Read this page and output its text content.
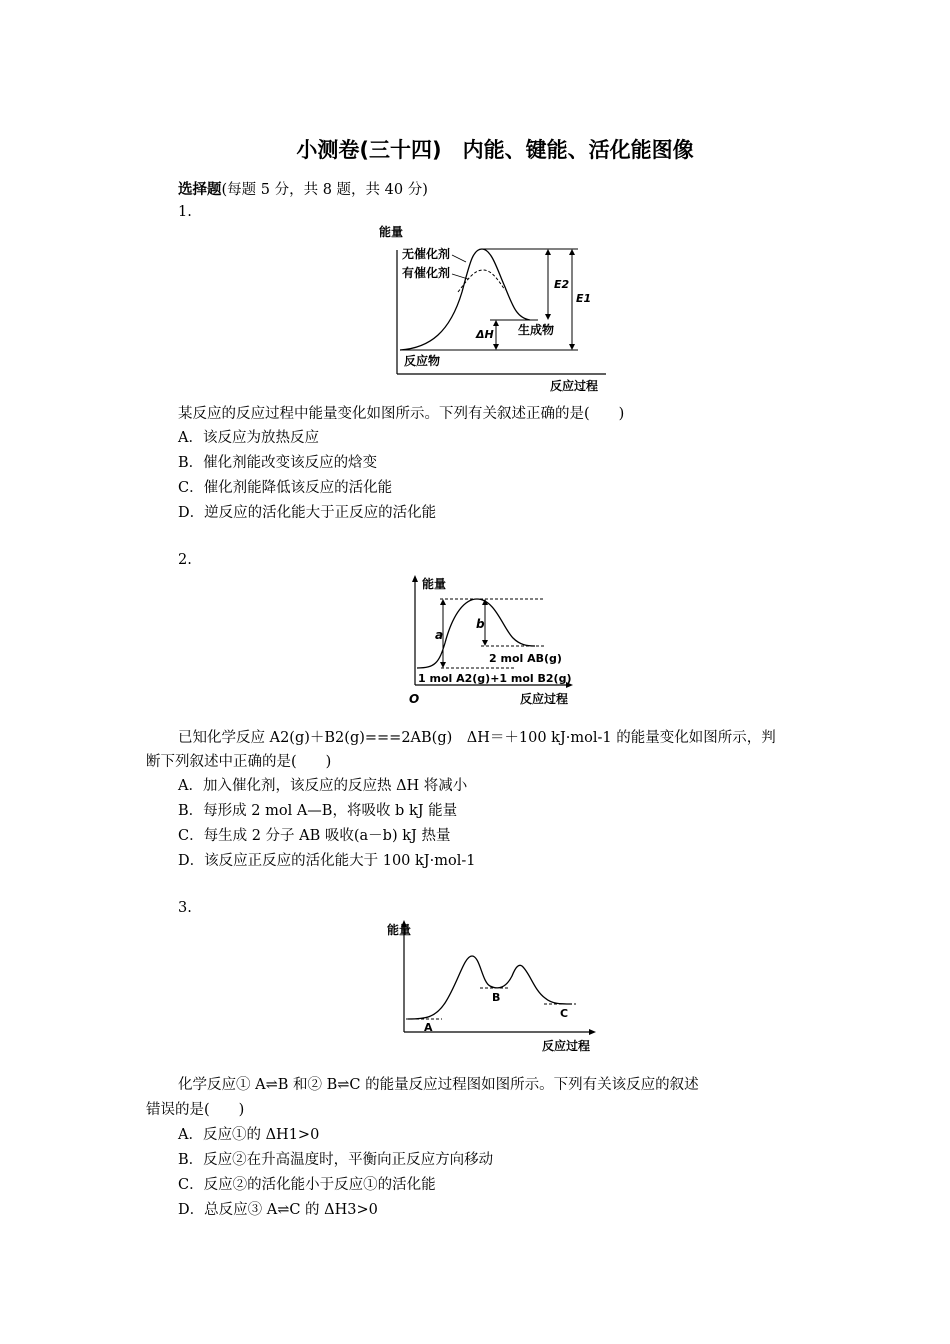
小测卷(三十四)　内能、键能、活化能图像
选择题(每题 5 分，共 8 题，共 40 分)
1.
能量
反应过程
无催化剂
有催化剂
E2
E1
ΔH 生成物
反应物
某反应的反应过程中能量变化如图所示。下列有关叙述正确的是(　　)
A．该反应为放热反应
B．催化剂能改变该反应的焓变
C．催化剂能降低该反应的活化能
D．逆反应的活化能大于正反应的活化能
2.
能量
O	反应过程
a
b
2 mol AB(g)
1 mol A2(g)+1 mol B2(g)
已知化学反应 A2(g)＋B2(g)===2AB(g)　ΔH＝＋100 kJ·mol-1 的能量变化如图所示，判
断下列叙述中正确的是(　　)
A．加入催化剂，该反应的反应热 ΔH 将减小
B．每形成 2 mol A—B，将吸收 b kJ 能量
C．每生成 2 分子 AB 吸收(a－b) kJ 热量
D．该反应正反应的活化能大于 100 kJ·mol-1
3.
能量
反应过程
A
B
C
化学反应① A⇌B 和② B⇌C 的能量反应过程图如图所示。下列有关该反应的叙述
错误的是(　　)
A．反应①的 ΔH1>0
B．反应②在升高温度时，平衡向正反应方向移动
C．反应②的活化能小于反应①的活化能
D．总反应③ A⇌C 的 ΔH3>0
